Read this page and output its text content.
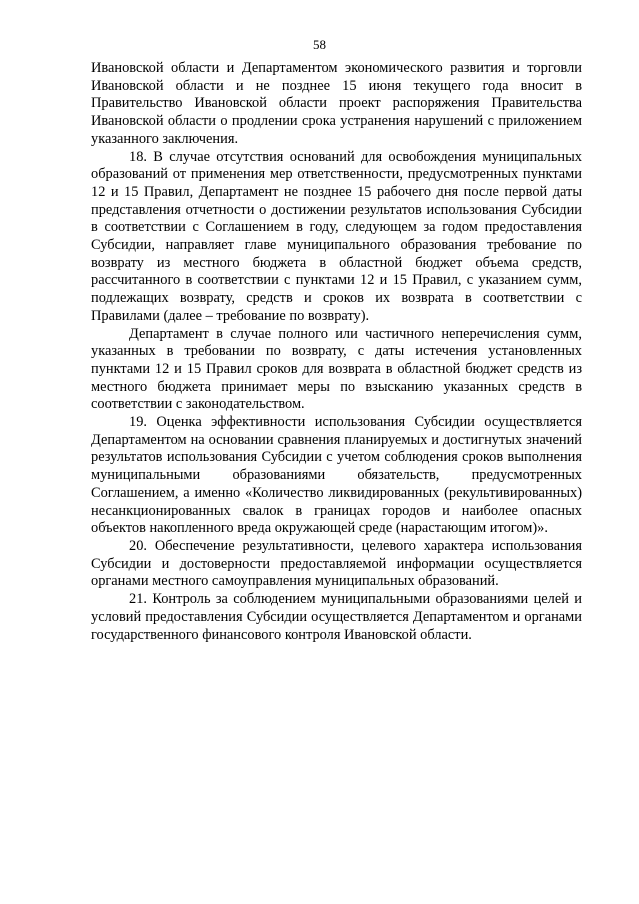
58

Ивановской области и Департаментом экономического развития и торговли Ивановской области и не позднее 15 июня текущего года вносит в Правительство Ивановской области проект распоряжения Правительства Ивановской области о продлении срока устранения нарушений с приложением указанного заключения.

18. В случае отсутствия оснований для освобождения муниципальных образований от применения мер ответственности, предусмотренных пунктами 12 и 15 Правил, Департамент не позднее 15 рабочего дня после первой даты представления отчетности о достижении результатов использования Субсидии в соответствии с Соглашением в году, следующем за годом предоставления Субсидии, направляет главе муниципального образования требование по возврату из местного бюджета в областной бюджет объема средств, рассчитанного в соответствии с пунктами 12 и 15 Правил, с указанием сумм, подлежащих возврату, средств и сроков их возврата в соответствии с Правилами (далее – требование по возврату).

Департамент в случае полного или частичного неперечисления сумм, указанных в требовании по возврату, с даты истечения установленных пунктами 12 и 15 Правил сроков для возврата в областной бюджет средств из местного бюджета принимает меры по взысканию указанных средств в соответствии с законодательством.

19. Оценка эффективности использования Субсидии осуществляется Департаментом на основании сравнения планируемых и достигнутых значений результатов использования Субсидии с учетом соблюдения сроков выполнения муниципальными образованиями обязательств, предусмотренных Соглашением, а именно «Количество ликвидированных (рекультивированных) несанкционированных свалок в границах городов и наиболее опасных объектов накопленного вреда окружающей среде (нарастающим итогом)».

20. Обеспечение результативности, целевого характера использования Субсидии и достоверности предоставляемой информации осуществляется органами местного самоуправления муниципальных образований.

21. Контроль за соблюдением муниципальными образованиями целей и условий предоставления Субсидии осуществляется Департаментом и органами государственного финансового контроля Ивановской области.
